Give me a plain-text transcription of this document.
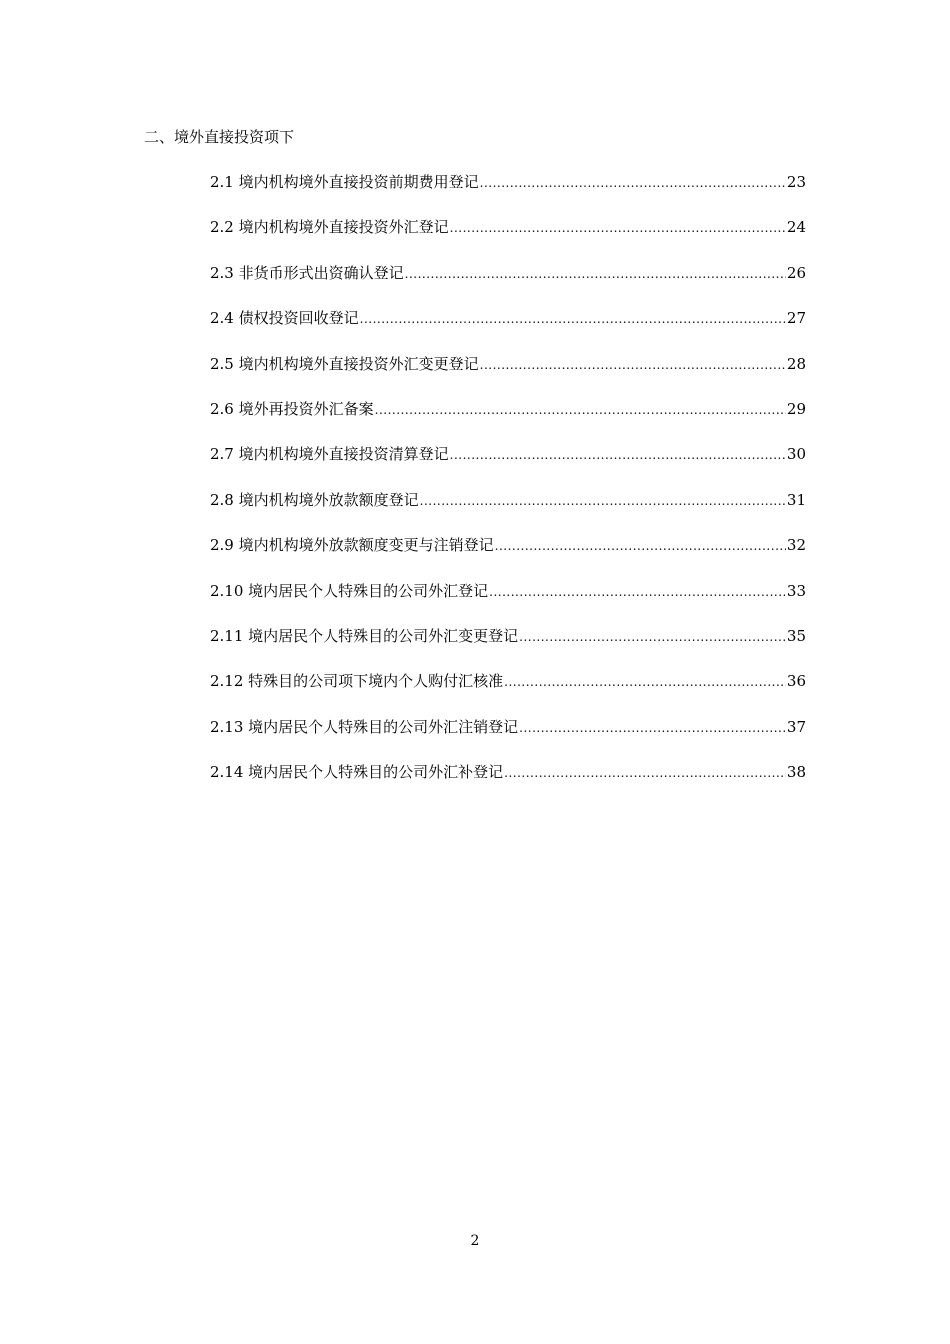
二、境外直接投资项下
2.1 境内机构境外直接投资前期费用登记 .....	23
2.2 境内机构境外直接投资外汇登记 .....	24
2.3 非货币形式出资确认登记 .....	26
2.4 债权投资回收登记 .....	27
2.5 境内机构境外直接投资外汇变更登记 .....	28
2.6 境外再投资外汇备案 .....	29
2.7 境内机构境外直接投资清算登记 .....	30
2.8 境内机构境外放款额度登记 .....	31
2.9 境内机构境外放款额度变更与注销登记 .....	32
2.10 境内居民个人特殊目的公司外汇登记 .....	33
2.11 境内居民个人特殊目的公司外汇变更登记 .....	35
2.12 特殊目的公司项下境内个人购付汇核准 .....	36
2.13 境内居民个人特殊目的公司外汇注销登记 .....	37
2.14 境内居民个人特殊目的公司外汇补登记 .....	38
2
